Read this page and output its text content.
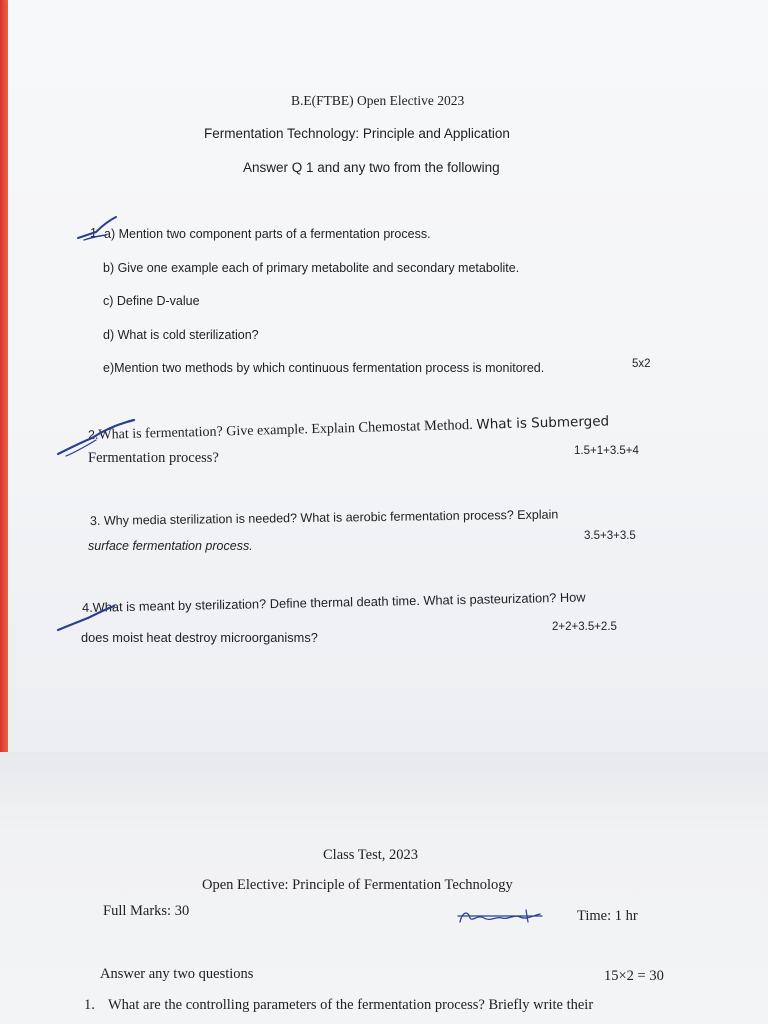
B.E(FTBE) Open Elective 2023
Fermentation Technology: Principle and Application
Answer Q 1 and any two from the following
1. a) Mention two component parts of a fermentation process.
b) Give one example each of primary metabolite and secondary metabolite.
c) Define D-value
d) What is cold sterilization?
e)Mention two methods by which continuous fermentation process is monitored.	5x2
2.What is fermentation? Give example. Explain Chemostat Method. What is Submerged
Fermentation process?	1.5+1+3.5+4
3. Why media sterilization is needed? What is aerobic fermentation process? Explain
surface fermentation process.
3.5+3+3.5
4.What is meant by sterilization? Define thermal death time. What is pasteurization? How
does moist heat destroy microorganisms?
2+2+3.5+2.5
Class Test, 2023
Open Elective: Principle of Fermentation Technology
Full Marks: 30	Time: 1 hr
Answer any two questions	15×2 = 30
1. What are the controlling parameters of the fermentation process? Briefly write their
